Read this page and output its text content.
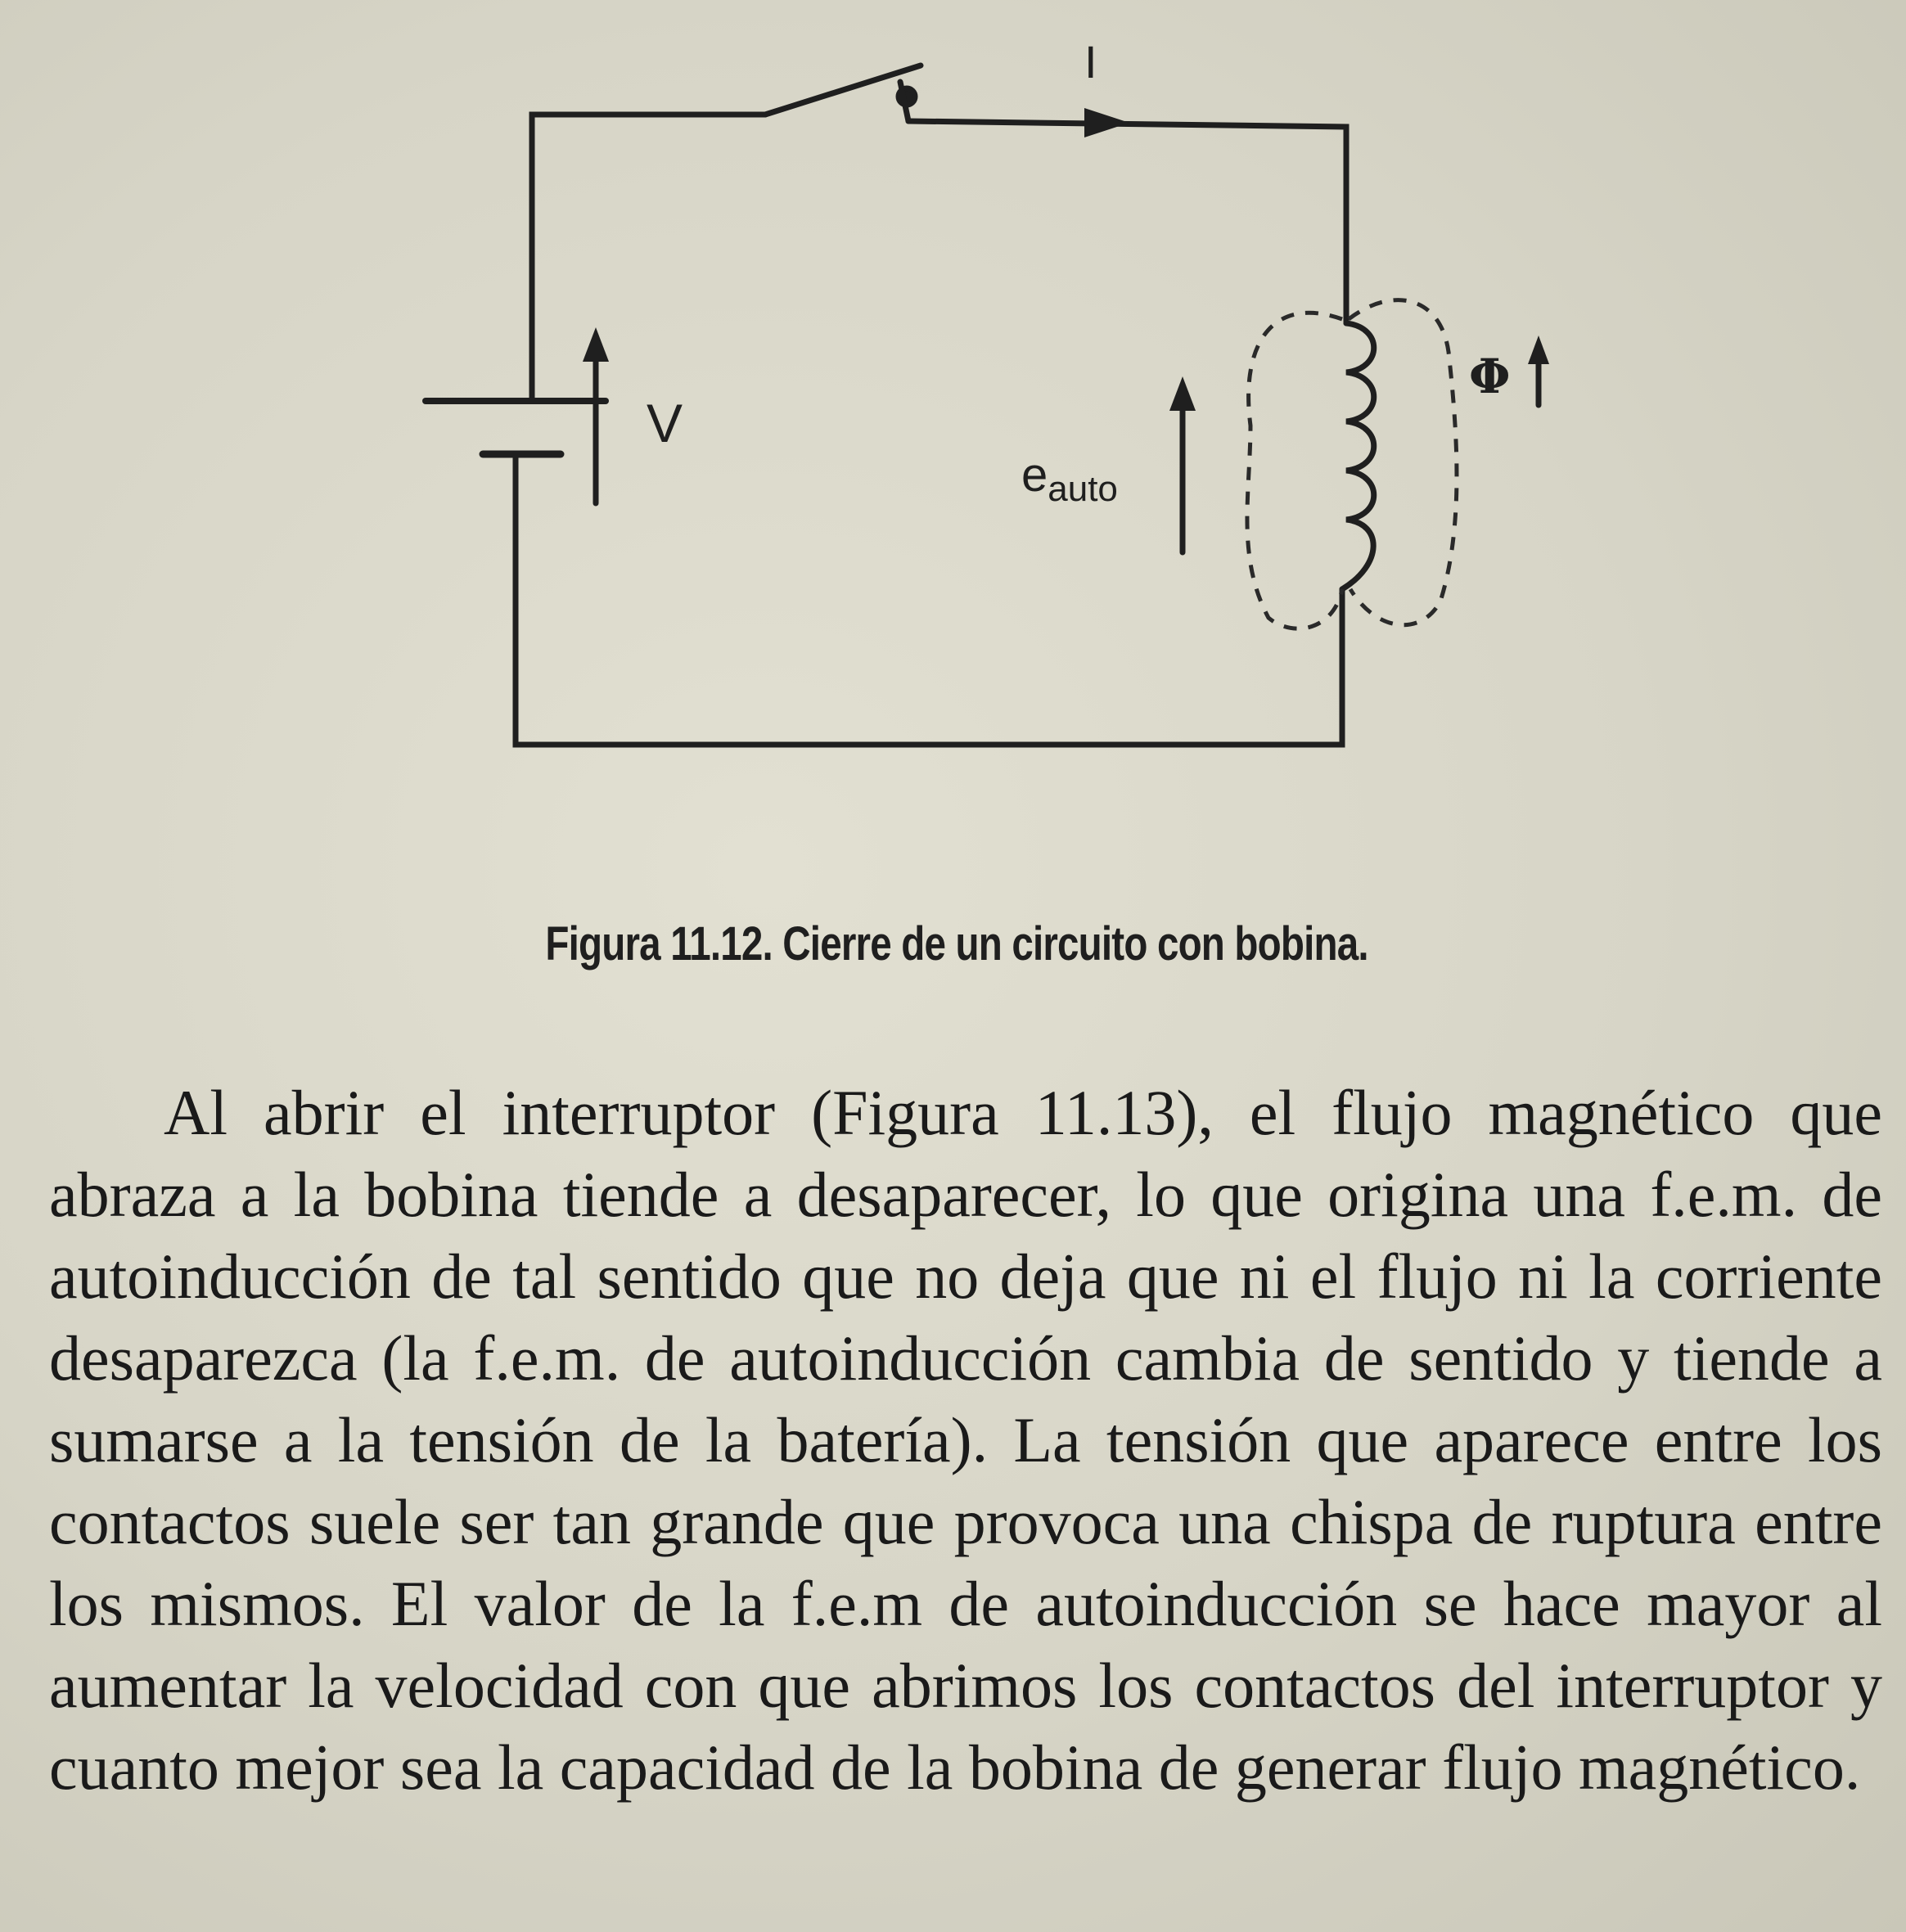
I
V
$e_{auto}$
Φ
Figura 11.12. Cierre de un circuito con bobina.

Al abrir el interruptor (Figura 11.13), el flujo magnético que abraza a la bobina tiende a desaparecer, lo que origina una f.e.m. de autoinducción de tal sentido que no deja que ni el flujo ni la corriente desaparezca (la f.e.m. de autoinducción cambia de sentido y tiende a sumarse a la tensión de la batería). La tensión que aparece entre los contactos suele ser tan grande que provoca una chispa de ruptura entre los mismos. El valor de la f.e.m de autoinducción se hace mayor al aumentar la velocidad con que abrimos los contactos del interruptor y cuanto mejor sea la capacidad de la bobina de generar flujo magnético.
